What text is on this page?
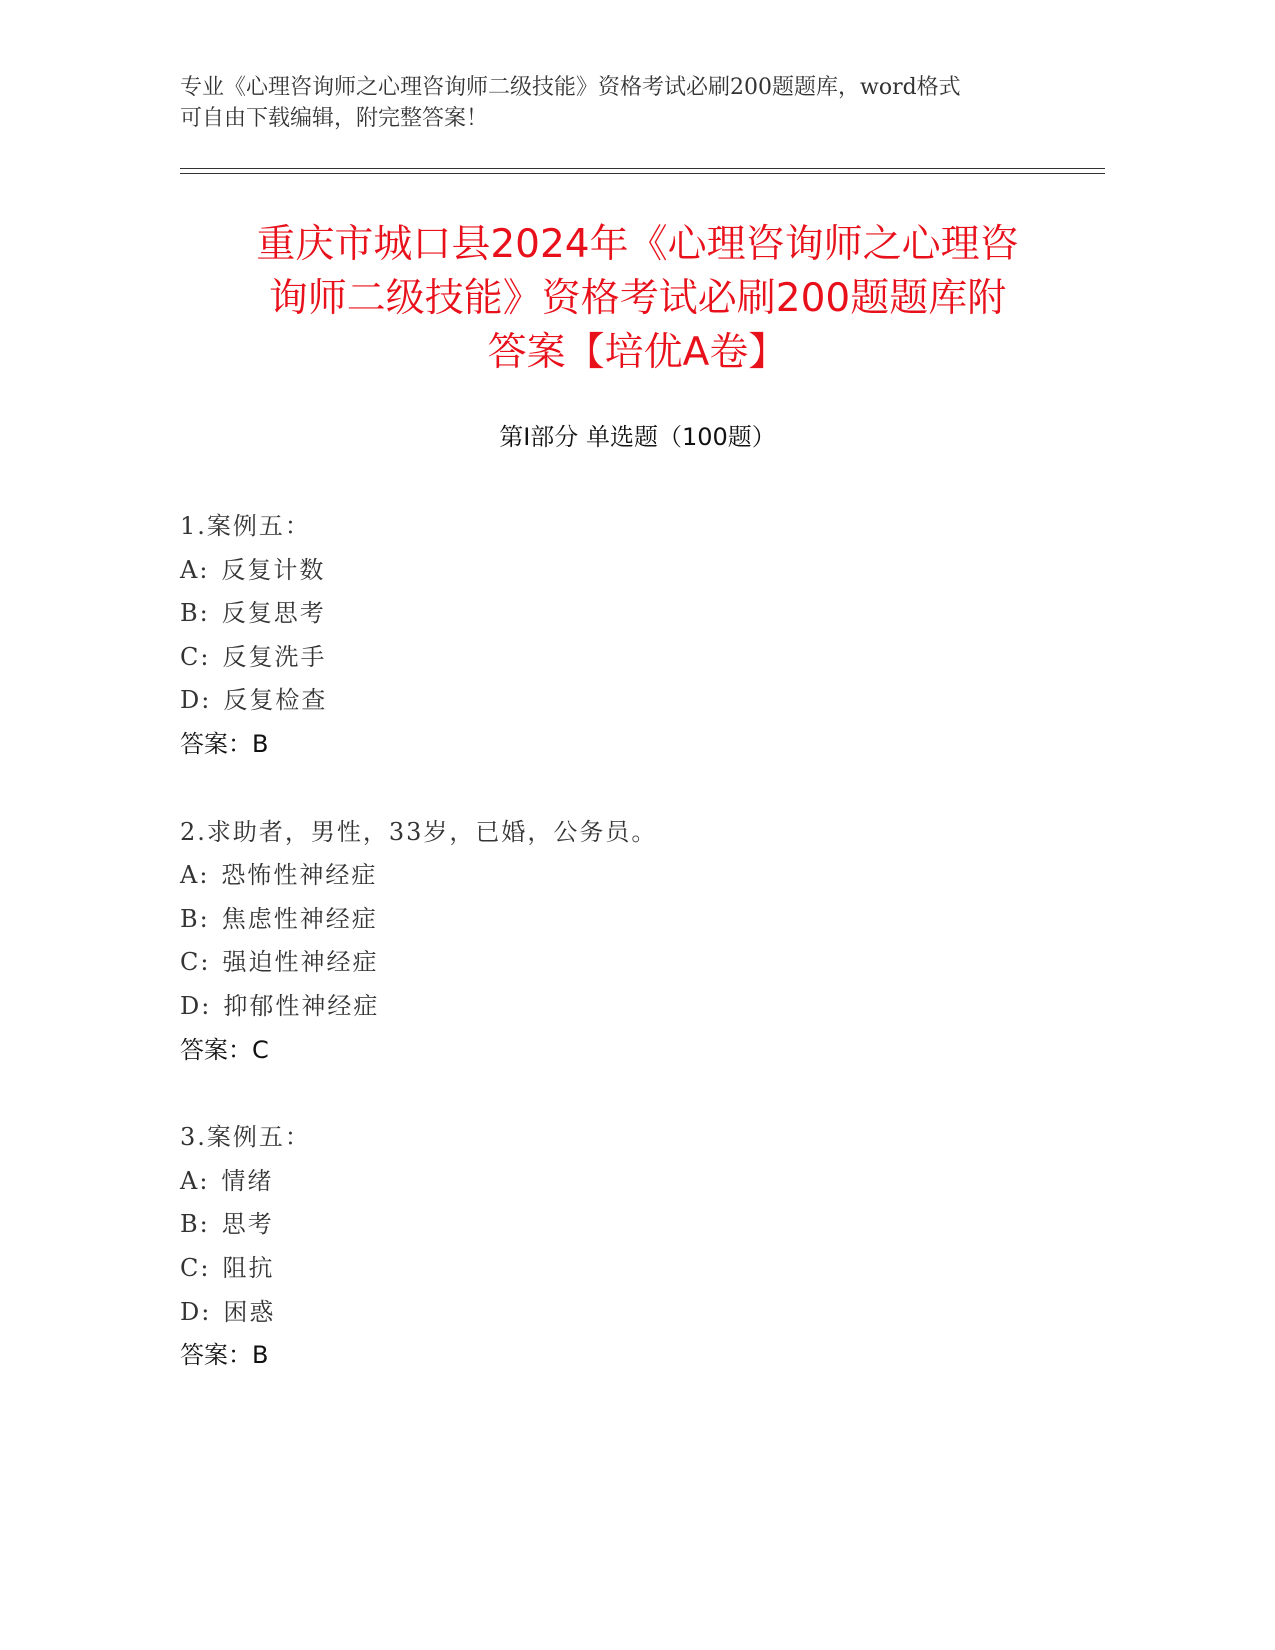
专业《心理咨询师之心理咨询师二级技能》资格考试必刷200题题库，word格式
可自由下载编辑，附完整答案！
重庆市城口县2024年《心理咨询师之心理咨
询师二级技能》资格考试必刷200题题库附
答案【培优A卷】
第Ⅰ部分 单选题（100题）
1.案例五：
A: 反复计数
B: 反复思考
C: 反复洗手
D: 反复检查
答案：B
2.求助者，男性，33岁，已婚，公务员。
A: 恐怖性神经症
B: 焦虑性神经症
C: 强迫性神经症
D: 抑郁性神经症
答案：C
3.案例五：
A: 情绪
B: 思考
C: 阻抗
D: 困惑
答案：B
